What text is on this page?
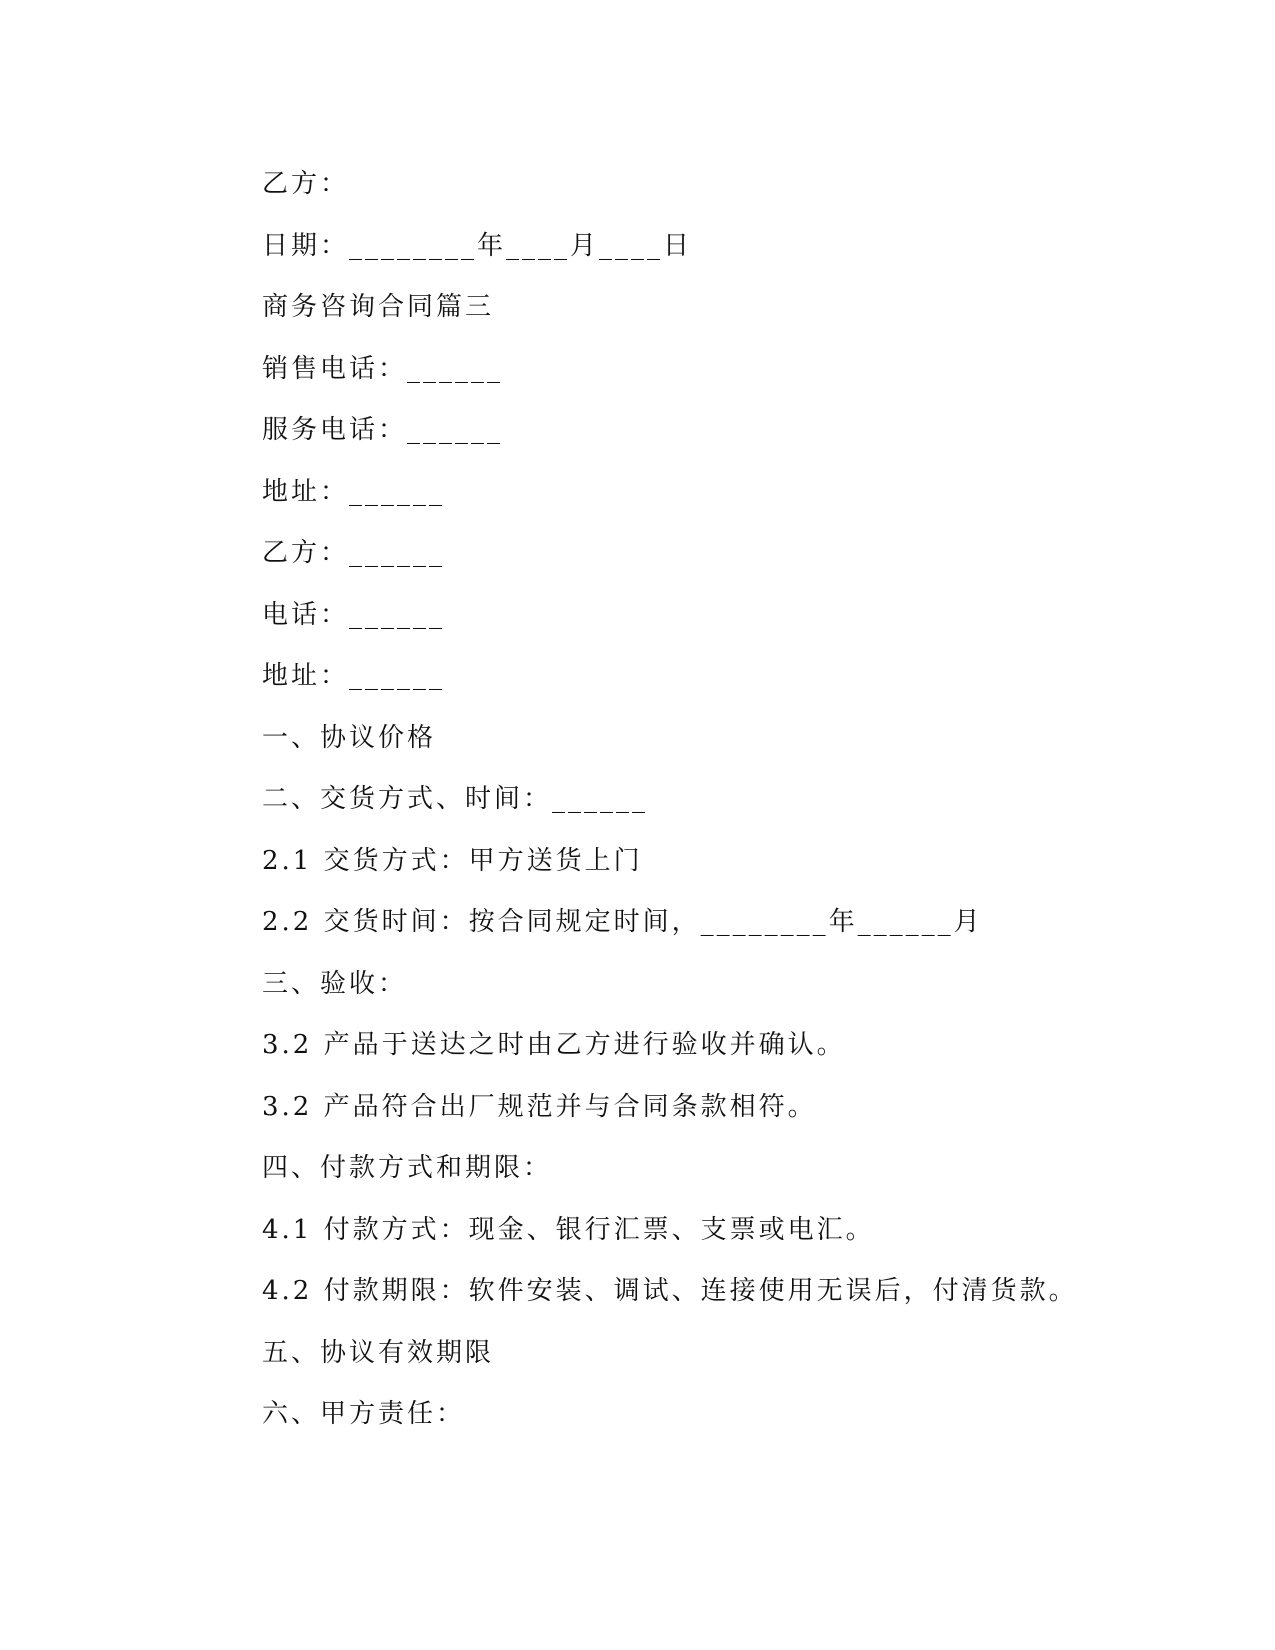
乙方：
日期：________年____月____日
商务咨询合同篇三
销售电话：______
服务电话：______
地址：______
乙方：______
电话：______
地址：______
一、协议价格
二、交货方式、时间：______
2.1 交货方式：甲方送货上门
2.2 交货时间：按合同规定时间，________年______月
三、验收：
3.2 产品于送达之时由乙方进行验收并确认。
3.2 产品符合出厂规范并与合同条款相符。
四、付款方式和期限：
4.1 付款方式：现金、银行汇票、支票或电汇。
4.2 付款期限：软件安装、调试、连接使用无误后，付清货款。
五、协议有效期限
六、甲方责任：
